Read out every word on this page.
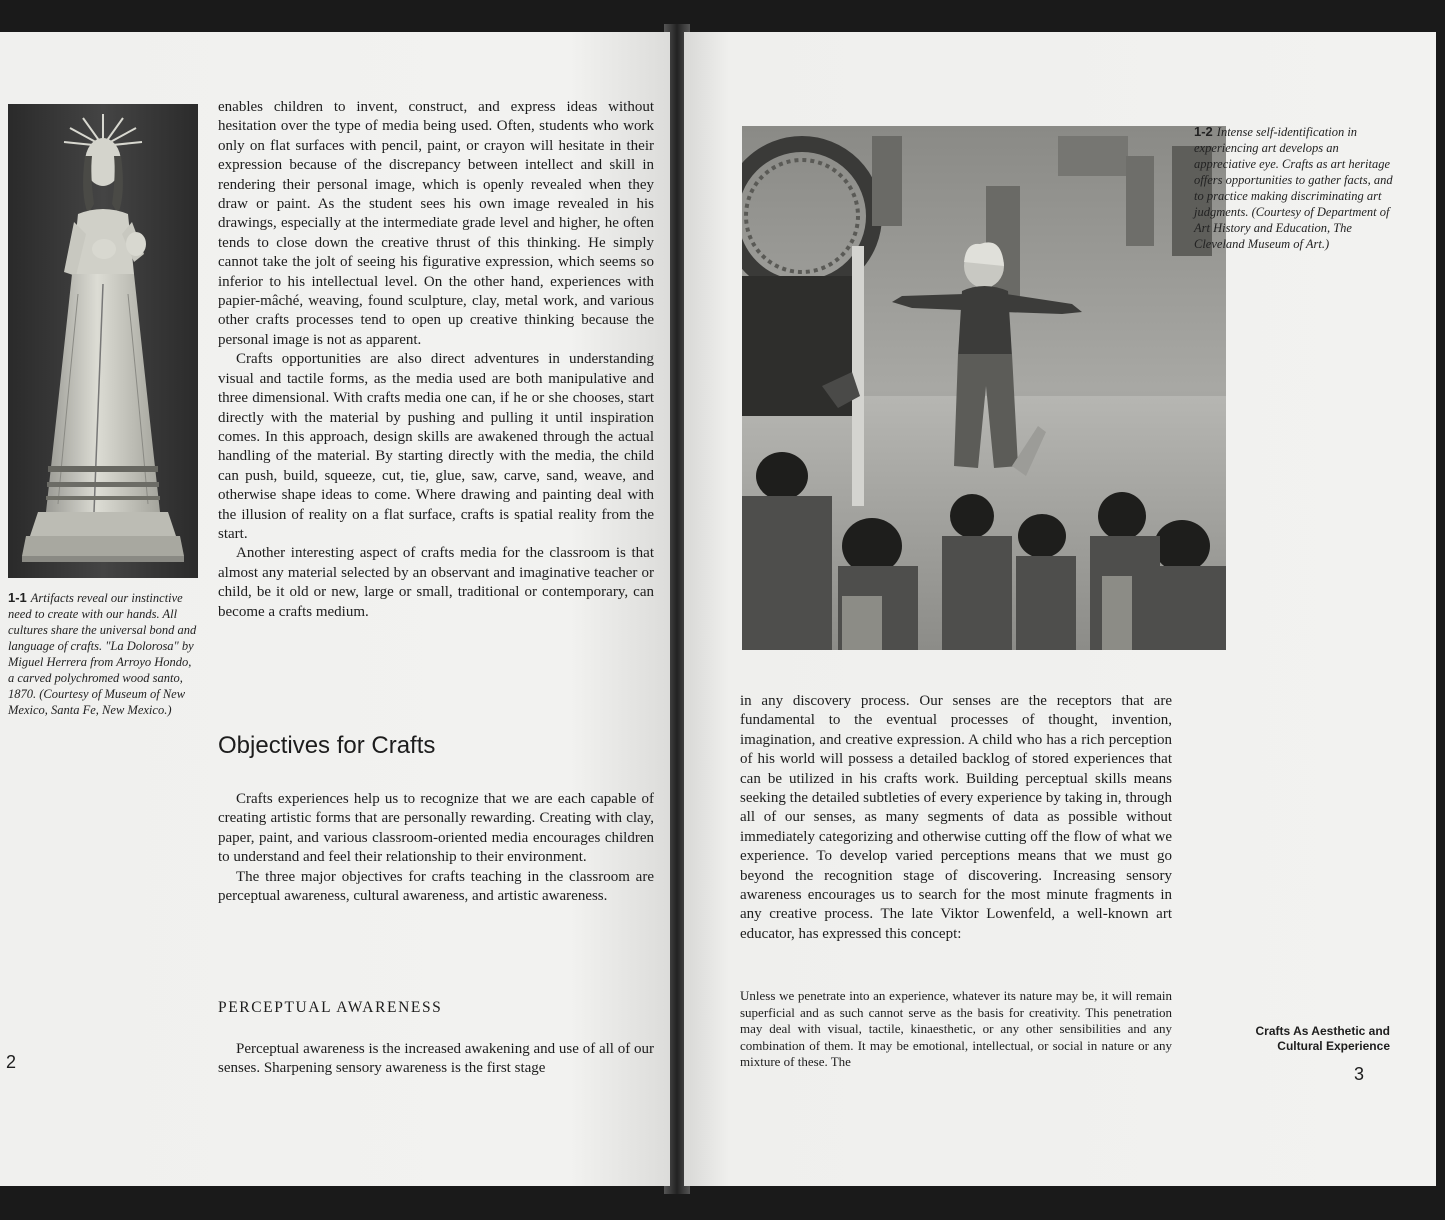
1-1 Artifacts reveal our instinctive need to create with our hands. All cultures share the universal bond and language of crafts. "La Dolorosa" by Miguel Herrera from Arroyo Hondo, a carved polychromed wood santo, 1870. (Courtesy of Museum of New Mexico, Santa Fe, New Mexico.)

enables children to invent, construct, and express ideas without hesitation over the type of media being used. Often, students who work only on flat surfaces with pencil, paint, or crayon will hesitate in their expression because of the discrepancy between intellect and skill in rendering their personal image, which is openly revealed when they draw or paint. As the student sees his own image revealed in his drawings, especially at the intermediate grade level and higher, he often tends to close down the creative thrust of this thinking. He simply cannot take the jolt of seeing his figurative expression, which seems so inferior to his intellectual level. On the other hand, experiences with papier-mâché, weaving, found sculpture, clay, metal work, and various other crafts processes tend to open up creative thinking because the personal image is not as apparent.

Crafts opportunities are also direct adventures in understanding visual and tactile forms, as the media used are both manipulative and three dimensional. With crafts media one can, if he or she chooses, start directly with the material by pushing and pulling it until inspiration comes. In this approach, design skills are awakened through the actual handling of the material. By starting directly with the media, the child can push, build, squeeze, cut, tie, glue, saw, carve, sand, weave, and otherwise shape ideas to come. Where drawing and painting deal with the illusion of reality on a flat surface, crafts is spatial reality from the start.

Another interesting aspect of crafts media for the classroom is that almost any material selected by an observant and imaginative teacher or child, be it old or new, large or small, traditional or contemporary, can become a crafts medium.

Objectives for Crafts

Crafts experiences help us to recognize that we are each capable of creating artistic forms that are personally rewarding. Creating with clay, paper, paint, and various classroom-oriented media encourages children to understand and feel their relationship to their environment.

The three major objectives for crafts teaching in the classroom are perceptual awareness, cultural awareness, and artistic awareness.

PERCEPTUAL AWARENESS

Perceptual awareness is the increased awakening and use of all of our senses. Sharpening sensory awareness is the first stage

2
1-2 Intense self-identification in experiencing art develops an appreciative eye. Crafts as art heritage offers opportunities to gather facts, and to practice making discriminating art judgments. (Courtesy of Department of Art History and Education, The Cleveland Museum of Art.)

in any discovery process. Our senses are the receptors that are fundamental to the eventual processes of thought, invention, imagination, and creative expression. A child who has a rich perception of his world will possess a detailed backlog of stored experiences that can be utilized in his crafts work. Building perceptual skills means seeking the detailed subtleties of every experience by taking in, through all of our senses, as many segments of data as possible without immediately categorizing and otherwise cutting off the flow of what we experience. To develop varied perceptions means that we must go beyond the recognition stage of discovering. Increasing sensory awareness encourages us to search for the most minute fragments in any creative process. The late Viktor Lowenfeld, a well-known art educator, has expressed this concept:

Unless we penetrate into an experience, whatever its nature may be, it will remain superficial and as such cannot serve as the basis for creativity. This penetration may deal with visual, tactile, kinaesthetic, or any other sensibilities and any combination of them. It may be emotional, intellectual, or social in nature or any mixture of these. The

Crafts As Aesthetic and
Cultural Experience
3
